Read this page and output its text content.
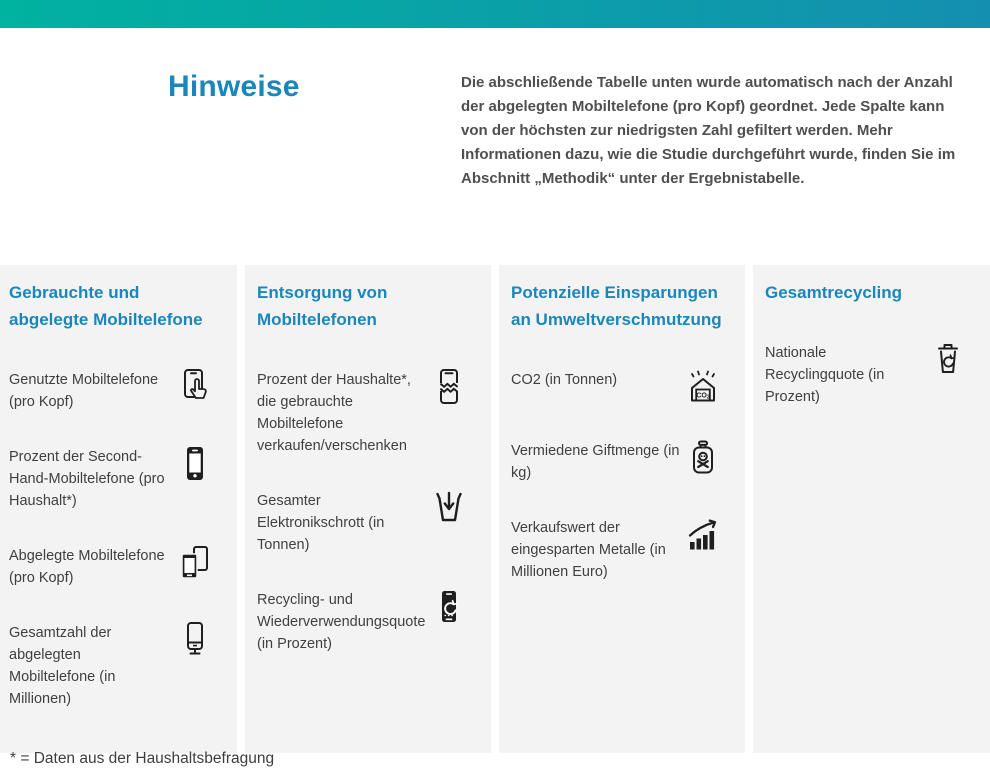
Hinweise	Die abschließende Tabelle unten wurde automatisch nach der Anzahl der abgelegten Mobiltelefone (pro Kopf) geordnet. Jede Spalte kann von der höchsten zur niedrigsten Zahl gefiltert werden. Mehr Informationen dazu, wie die Studie durchgeführt wurde, finden Sie im Abschnitt „Methodik“ unter der Ergebnistabelle.

Gebrauchte und abgelegte Mobiltelefone
Genutzte Mobiltelefone (pro Kopf)
Prozent der Second-Hand-Mobiltelefone (pro Haushalt*)
Abgelegte Mobiltelefone (pro Kopf)
Gesamtzahl der abgelegten Mobiltelefone (in Millionen)
Entsorgung von Mobiltelefonen
Prozent der Haushalte*, die gebrauchte Mobiltelefone verkaufen/verschenken
Gesamter Elektronikschrott (in Tonnen)
Recycling- und Wiederverwendungsquote (in Prozent)
Potenzielle Einsparungen an Umweltverschmutzung
CO2 (in Tonnen)
CO2
Vermiedene Giftmenge (in kg)
Verkaufswert der eingesparten Metalle (in Millionen Euro)
Gesamtrecycling
Nationale Recyclingquote (in Prozent)

* = Daten aus der Haushaltsbefragung
